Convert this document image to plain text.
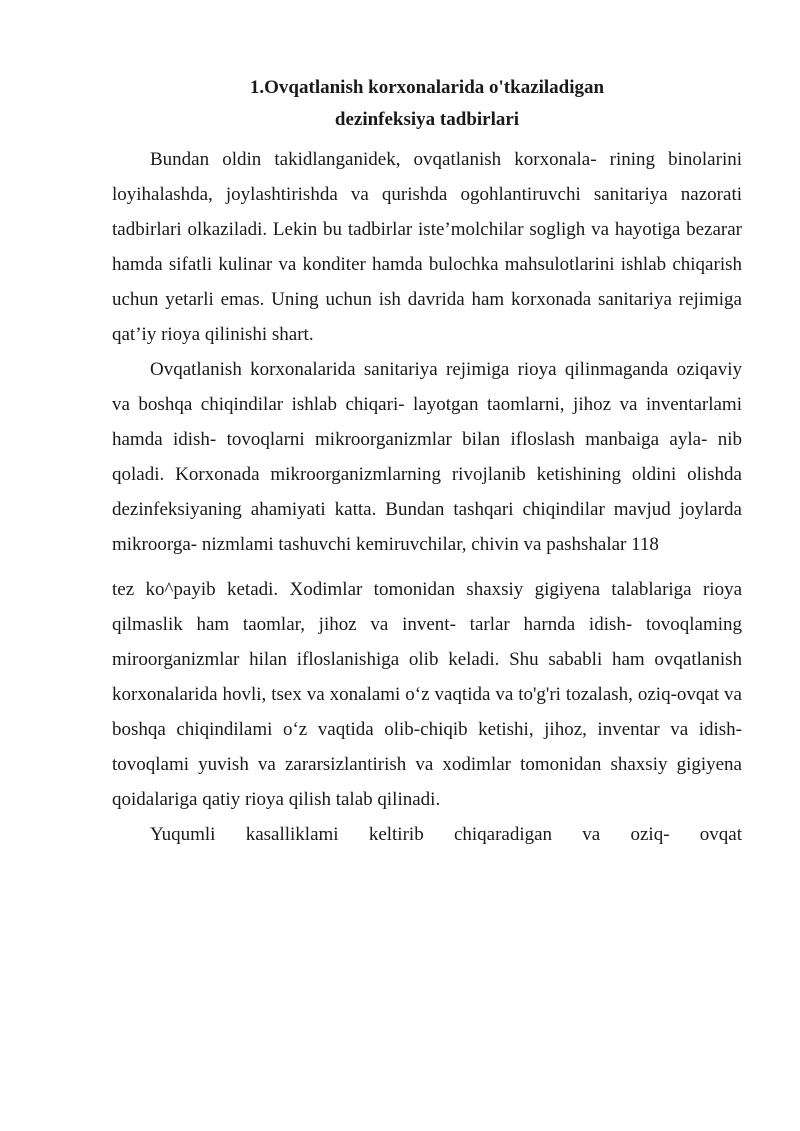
1.Ovqatlanish korxonalarida o'tkaziladigan
dezinfeksiya tadbirlari

Bundan oldin takidlanganidek, ovqatlanish korxonala- rining binolarini loyihalashda, joylashtirishda va qurishda ogohlantiruvchi sanitariya nazorati tadbirlari olkaziladi. Lekin bu tadbirlar iste’molchilar sogligh va hayotiga bezarar hamda sifatli kulinar va konditer hamda bulochka mahsulotlarini ishlab chiqarish uchun yetarli emas. Uning uchun ish davrida ham korxonada sanitariya rejimiga qat’iy rioya qilinishi shart.

Ovqatlanish korxonalarida sanitariya rejimiga rioya qilinmaganda oziqaviy va boshqa chiqindilar ishlab chiqari- layotgan taomlarni, jihoz va inventarlami hamda idish- tovoqlarni mikroorganizmlar bilan ifloslash manbaiga ayla- nib qoladi. Korxonada mikroorganizmlarning rivojlanib ketishining oldini olishda dezinfeksiyaning ahamiyati katta. Bundan tashqari chiqindilar mavjud joylarda mikroorga- nizmlami tashuvchi kemiruvchilar, chivin va pashshalar 118

tez ko^payib ketadi. Xodimlar tomonidan shaxsiy gigiyena talablariga rioya qilmaslik ham taomlar, jihoz va invent- tarlar harnda idish- tovoqlaming miroorganizmlar hilan ifloslanishiga olib keladi. Shu sababli ham ovqatlanish korxonalarida hovli, tsex va xonalami o‘z vaqtida va to'g'ri tozalash, oziq-ovqat va boshqa chiqindilami o‘z vaqtida olib-chiqib ketishi, jihoz, inventar va idish-tovoqlami yuvish va zararsizlantirish va xodimlar tomonidan shaxsiy gigiyena qoidalariga qatiy rioya qilish talab qilinadi.

Yuqumli kasalliklami keltirib chiqaradigan va oziq- ovqat
